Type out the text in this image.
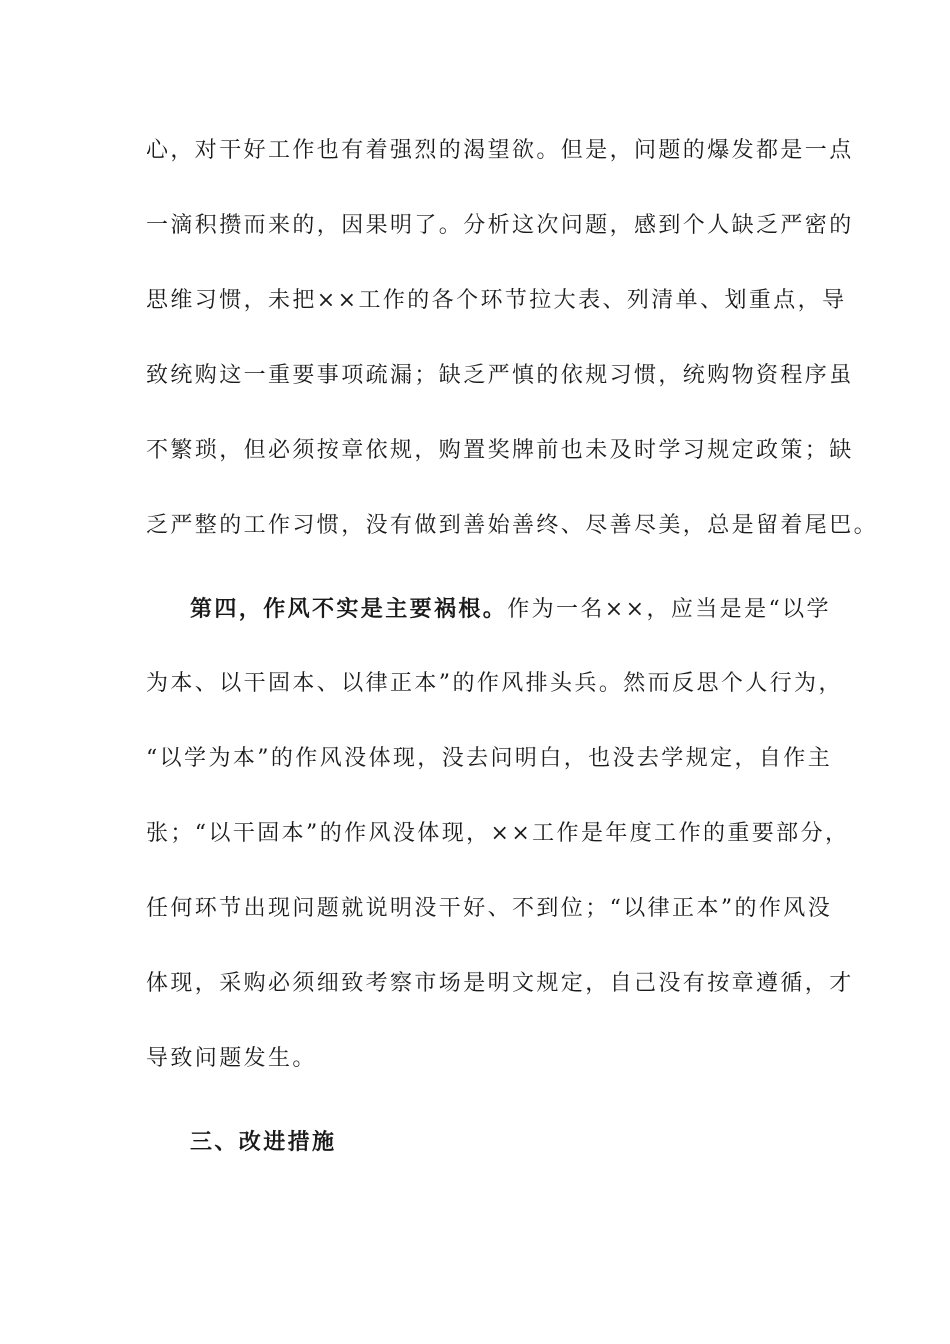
心，对干好工作也有着强烈的渴望欲。但是，问题的爆发都是一点
一滴积攒而来的，因果明了。分析这次问题，感到个人缺乏严密的
思维习惯，未把××工作的各个环节拉大表、列清单、划重点，导
致统购这一重要事项疏漏；缺乏严慎的依规习惯，统购物资程序虽
不繁琐，但必须按章依规，购置奖牌前也未及时学习规定政策；缺
乏严整的工作习惯，没有做到善始善终、尽善尽美，总是留着尾巴。
第四，作风不实是主要祸根。作为一名××，应当是是“以学
为本、以干固本、以律正本”的作风排头兵。然而反思个人行为，
“以学为本”的作风没体现，没去问明白，也没去学规定，自作主
张；“以干固本”的作风没体现，××工作是年度工作的重要部分，
任何环节出现问题就说明没干好、不到位；“以律正本”的作风没
体现，采购必须细致考察市场是明文规定，自己没有按章遵循，才
导致问题发生。
三、改进措施
